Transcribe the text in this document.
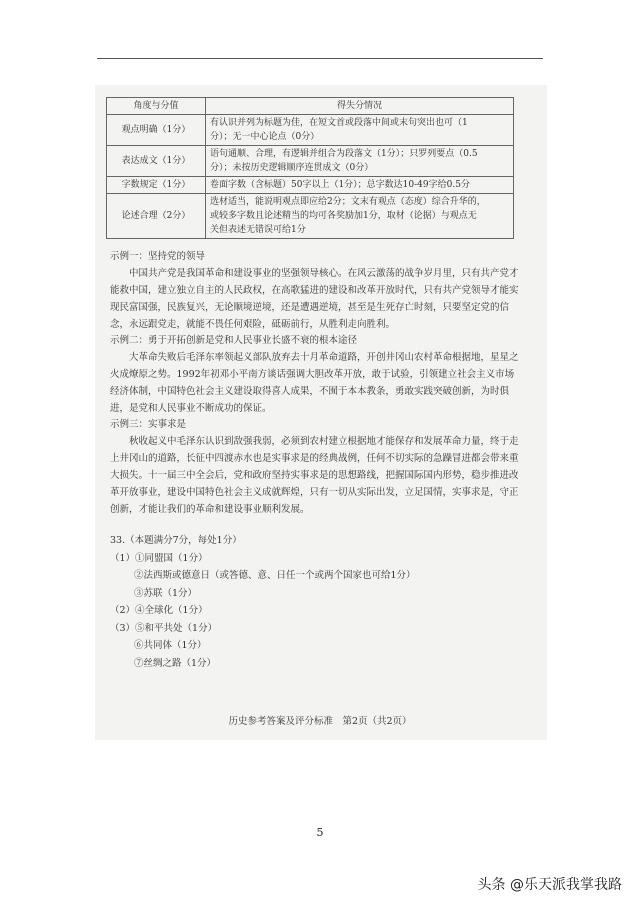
角度与分值	得失分情况
观点明确（1分）	有认识并列为标题为佳，在短文首或段落中间或末句突出也可（1
分）；无一中心论点（0分）

表达成文（1分）	语句通顺、合理，有逻辑并组合为段落文（1分）；只罗列要点（0.5
分）；未按历史逻辑顺序连贯成文（0分）

字数规定（1分）	卷面字数（含标题）50字以上（1分）；总字数达10-49字给0.5分

论述合理（2分）	选材适当，能说明观点即应给2分；文末有观点（态度）综合升华的，
或较多字数且论述精当的均可各奖励加1分，取材（论据）与观点无
关但表述无错误可给1分

示例一：坚持党的领导

中国共产党是我国革命和建设事业的坚强领导核心。在风云激荡的战争岁月里，只有共产党才能救中国，建立独立自主的人民政权，在高歌猛进的建设和改革开放时代，只有共产党领导才能实现民富国强，民族复兴，无论顺境逆境，还是遭遇逆境，甚至是生死存亡时刻，只要坚定党的信念，永远跟党走，就能不畏任何艰险，砥砺前行，从胜利走向胜利。

示例二：勇于开拓创新是党和人民事业长盛不衰的根本途径

大革命失败后毛泽东率领起义部队放弃去十月革命道路，开创井冈山农村革命根据地，星星之火成燎原之势。1992年初邓小平南方谈话强调大胆改革开放，敢于试验，引领建立社会主义市场经济体制，中国特色社会主义建设取得喜人成果，不囿于本本教条，勇敢实践突破创新，为时俱进，是党和人民事业不断成功的保证。

示例三：实事求是

秋收起义中毛泽东认识到敌强我弱，必须到农村建立根据地才能保存和发展革命力量，终于走上井冈山的道路，长征中四渡赤水也是实事求是的经典战例，任何不切实际的急躁冒进都会带来重大损失。十一届三中全会后，党和政府坚持实事求是的思想路线，把握国际国内形势，稳步推进改革开放事业，建设中国特色社会主义成就辉煌，只有一切从实际出发，立足国情，实事求是，守正创新，才能让我们的革命和建设事业顺利发展。

33.（本题满分7分，每处1分）
（1）①同盟国（1分）
②法西斯或德意日（或答德、意、日任一个或两个国家也可给1分）
③苏联（1分）
（2）④全球化（1分）
（3）⑤和平共处（1分）
⑥共同体（1分）
⑦丝绸之路（1分）
历史参考答案及评分标准　第2页（共2页）
5
头条 @乐天派我掌我路
